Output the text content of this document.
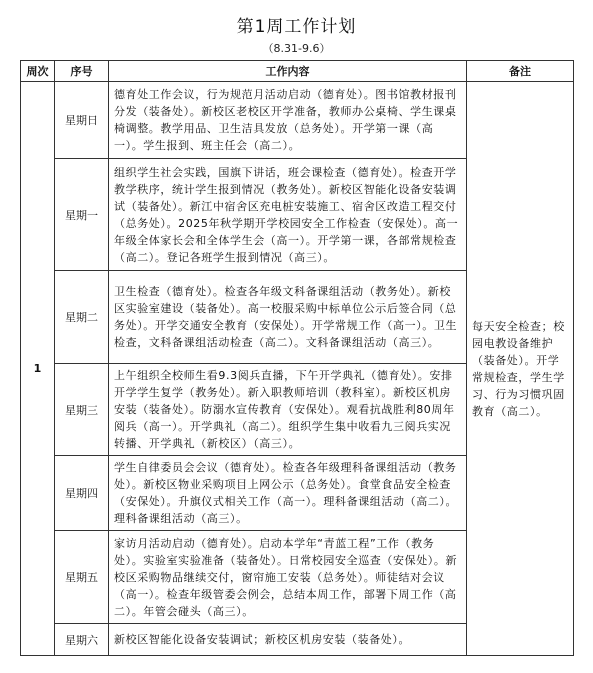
第1周工作计划
（8.31-9.6）
周次	序号	工作内容	备注
1	星期日	德育处工作会议，行为规范月活动启动（德育处）。图书馆教材报刊分发（装备处）。新校区老校区开学准备，教师办公桌椅、学生课桌椅调整。教学用品、卫生洁具发放（总务处）。开学第一课（高一）。学生报到、班主任会（高二）。	每天安全检查；校园电教设备维护（装备处）。开学常规检查，学生学习、行为习惯巩固教育（高二）。
	星期一	组织学生社会实践，国旗下讲话，班会课检查（德育处）。检查开学教学秩序，统计学生报到情况（教务处）。新校区智能化设备安装调试（装备处）。新江中宿舍区充电桩安装施工、宿舍区改造工程交付（总务处）。2025年秋学期开学校园安全工作检查（安保处）。高一年级全体家长会和全体学生会（高一）。开学第一课，各部常规检查（高二）。登记各班学生报到情况（高三）。	
	星期二	卫生检查（德育处）。检查各年级文科备课组活动（教务处）。新校区实验室建设（装备处）。高一校服采购中标单位公示后签合同（总务处）。开学交通安全教育（安保处）。开学常规工作（高一）。卫生检查，文科备课组活动检查（高二）。文科备课组活动（高三）。	
	星期三	上午组织全校师生看9.3阅兵直播，下午开学典礼（德育处）。安排开学学生复学（教务处）。新入职教师培训（教科室）。新校区机房安装（装备处）。防溺水宣传教育（安保处）。观看抗战胜利80周年阅兵（高一）。开学典礼（高二）。组织学生集中收看九三阅兵实况转播、开学典礼（新校区）（高三）。	
	星期四	学生自律委员会会议（德育处）。检查各年级理科备课组活动（教务处）。新校区物业采购项目上网公示（总务处）。食堂食品安全检查（安保处）。升旗仪式相关工作（高一）。理科备课组活动（高二）。理科备课组活动（高三）。	
	星期五	家访月活动启动（德育处）。启动本学年“青蓝工程”工作（教务处）。实验室实验准备（装备处）。日常校园安全巡查（安保处）。新校区采购物品继续交付，窗帘施工安装（总务处）。师徒结对会议（高一）。检查年级管委会例会，总结本周工作，部署下周工作（高二）。年管会碰头（高三）。	
	星期六	新校区智能化设备安装调试；新校区机房安装（装备处）。	
